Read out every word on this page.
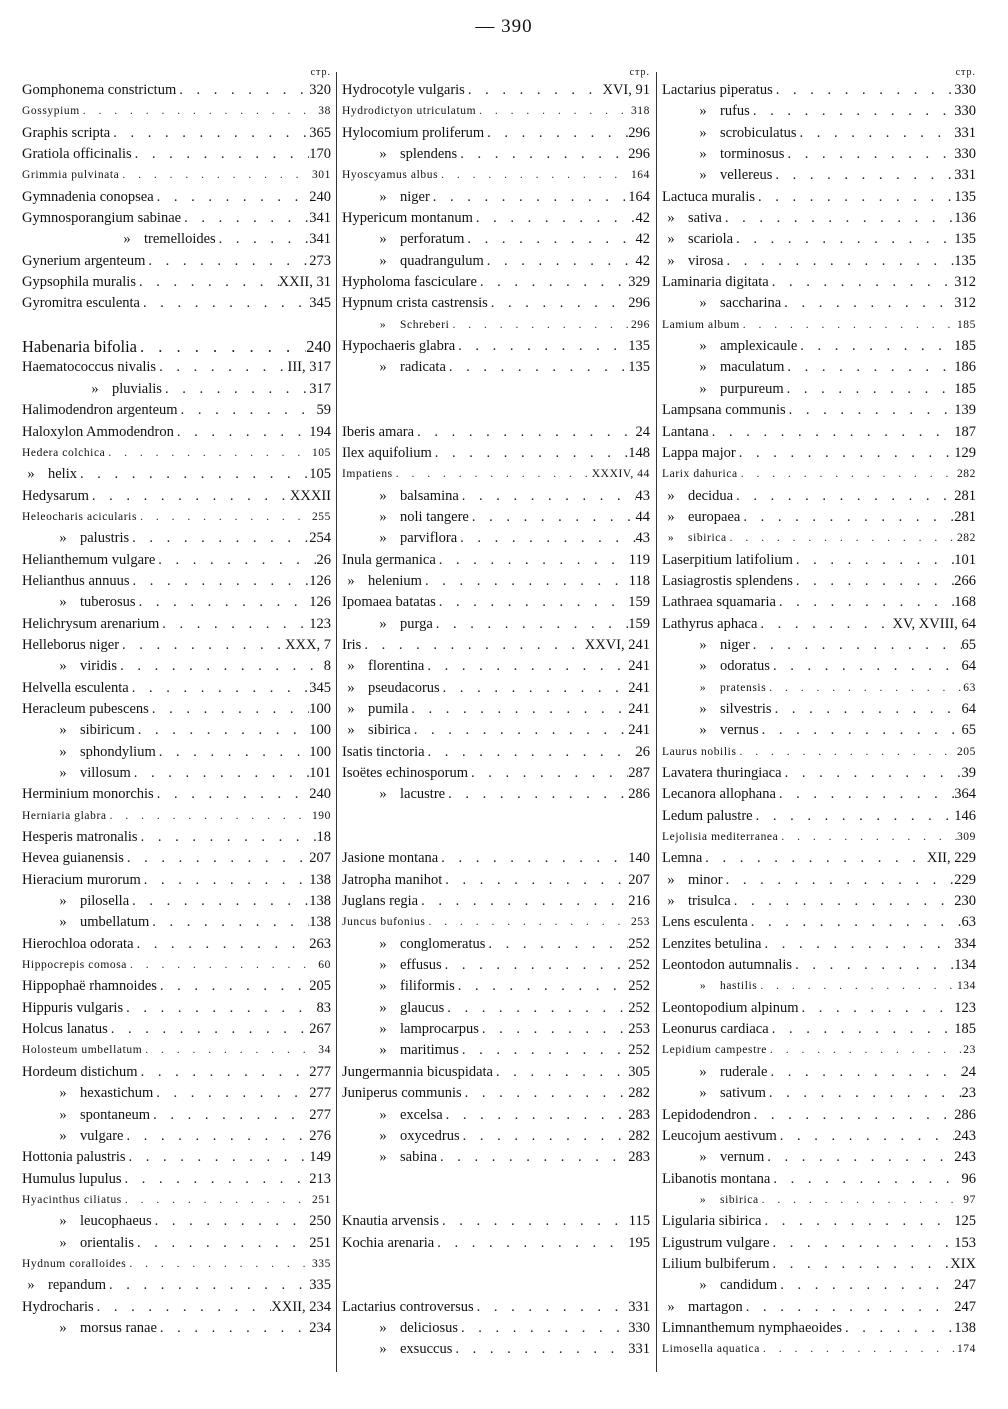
— 390
стр.
Gomphonema constrictum . . .	320
Gossypium . . .	38
Graphis scripta . . .	365
Gratiola officinalis . . .	170
Grimmia pulvinata . . .	301
Gymnadenia conopsea . . .	240
Gymnosporangium sabinae . . .	341
» tremelloides . . .	341
Gynerium argenteum . . .	273
Gypsophila muralis . . .	XXII, 31
Gyromitra esculenta . . .	345
Habenaria bifolia . . .	240
Haematococcus nivalis . . .	III, 317
» pluvialis . . .	317
Halimodendron argenteum . . .	59
Haloxylon Ammodendron . . .	194
Hedera colchica . . .	105
» helix . . .	105
Hedysarum . . .	XXXII
Heleocharis acicularis . . .	255
» palustris . . .	254
Helianthemum vulgare . . .	26
Helianthus annuus . . .	126
» tuberosus . . .	126
Helichrysum arenarium . . .	123
Helleborus niger . . .	XXX, 7
» viridis . . .	8
Helvella esculenta . . .	345
Heracleum pubescens . . .	100
» sibiricum . . .	100
» sphondylium . . .	100
» villosum . . .	101
Herminium monorchis . . .	240
Herniaria glabra . . .	190
Hesperis matronalis . . .	18
Hevea guianensis . . .	207
Hieracium murorum . . .	138
» pilosella . . .	138
» umbellatum . . .	138
Hierochloa odorata . . .	263
Hippocrepis comosa . . .	60
Hippophaë rhamnoides . . .	205
Hippuris vulgaris . . .	83
Holcus lanatus . . .	267
Holosteum umbellatum . . .	34
Hordeum distichum . . .	277
» hexastichum . . .	277
» spontaneum . . .	277
» vulgare . . .	276
Hottonia palustris . . .	149
Humulus lupulus . . .	213
Hyacinthus ciliatus . . .	251
» leucophaeus . . .	250
» orientalis . . .	251
Hydnum coralloides . . .	335
» repandum . . .	335
Hydrocharis . . .	XXII, 234
» morsus ranae . . .	234
стр.
Hydrocotyle vulgaris . . .	XVI, 91
Hydrodictyon utriculatum . . .	318
Hylocomium proliferum . . .	296
» splendens . . .	296
Hyoscyamus albus . . .	164
» niger . . .	164
Hypericum montanum . . .	42
» perforatum . . .	42
» quadrangulum . . .	42
Hypholoma fasciculare . . .	329
Hypnum crista castrensis . . .	296
» Schreberi . . .	296
Hypochaeris glabra . . .	135
» radicata . . .	135
Iberis amara . . .	24
Ilex aquifolium . . .	148
Impatiens . . .	XXXIV, 44
» balsamina . . .	43
» noli tangere . . .	44
» parviflora . . .	43
Inula germanica . . .	119
» helenium . . .	118
Ipomaea batatas . . .	159
» purga . . .	159
Iris . . .	XXVI, 241
» florentina . . .	241
» pseudacorus . . .	241
» pumila . . .	241
» sibirica . . .	241
Isatis tinctoria . . .	26
Isoëtes echinosporum . . .	287
» lacustre . . .	286
Jasione montana . . .	140
Jatropha manihot . . .	207
Juglans regia . . .	216
Juncus bufonius . . .	253
» conglomeratus . . .	252
» effusus . . .	252
» filiformis . . .	252
» glaucus . . .	252
» lamprocarpus . . .	253
» maritimus . . .	252
Jungermannia bicuspidata . . .	305
Juniperus communis . . .	282
» excelsa . . .	283
» oxycedrus . . .	282
» sabina . . .	283
Knautia arvensis . . .	115
Kochia arenaria . . .	195
Lactarius controversus . . .	331
» deliciosus . . .	330
» exsuccus . . .	331
стр.
Lactarius piperatus . . .	330
» rufus . . .	330
» scrobiculatus . . .	331
» torminosus . . .	330
» vellereus . . .	331
Lactuca muralis . . .	135
» sativa . . .	136
» scariola . . .	135
» virosa . . .	135
Laminaria digitata . . .	312
» saccharina . . .	312
Lamium album . . .	185
» amplexicaule . . .	185
» maculatum . . .	186
» purpureum . . .	185
Lampsana communis . . .	139
Lantana . . .	187
Lappa major . . .	129
Larix dahurica . . .	282
» decidua . . .	281
» europaea . . .	281
» sibirica . . .	282
Laserpitium latifolium . . .	101
Lasiagrostis splendens . . .	266
Lathraea squamaria . . .	168
Lathyrus aphaca . . .	XV, XVIII, 64
» niger . . .	65
» odoratus . . .	64
» pratensis . . .	63
» silvestris . . .	64
» vernus . . .	65
Laurus nobilis . . .	205
Lavatera thuringiaca . . .	39
Lecanora allophana . . .	364
Ledum palustre . . .	146
Lejolisia mediterranea . . .	309
Lemna . . .	XII, 229
» minor . . .	229
» trisulca . . .	230
Lens esculenta . . .	63
Lenzites betulina . . .	334
Leontodon autumnalis . . .	134
» hastilis . . .	134
Leontopodium alpinum . . .	123
Leonurus cardiaca . . .	185
Lepidium campestre . . .	23
» ruderale . . .	24
» sativum . . .	23
Lepidodendron . . .	286
Leucojum aestivum . . .	243
» vernum . . .	243
Libanotis montana . . .	96
» sibirica . . .	97
Ligularia sibirica . . .	125
Ligustrum vulgare . . .	153
Lilium bulbiferum . . .	XIX
» candidum . . .	247
» martagon . . .	247
Limnanthemum nymphaeoides . . .	138
Limosella aquatica . . .	174
